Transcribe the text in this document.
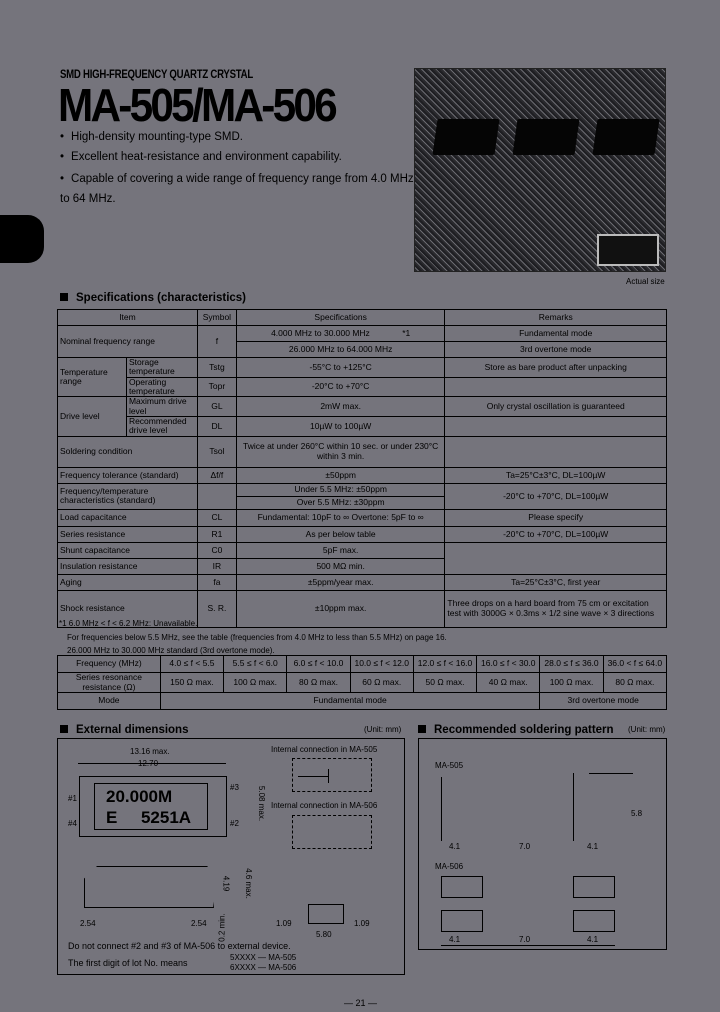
SMD HIGH-FREQUENCY QUARTZ CRYSTAL
MA-505/MA-506
• High-density mounting-type SMD.
• Excellent heat-resistance and environment capability.
• Capable of covering a wide range of frequency range from 4.0 MHz to 64 MHz.
Actual size
Specifications (characteristics)
Item		Symbol	Specifications	Remarks
Nominal frequency range		f	4.000 MHz to 30.000 MHz *1	Fundamental mode
			26.000 MHz to 64.000 MHz	3rd overtone mode
Temperature range	Storage temperature	Tstg	-55°C to +125°C	Store as bare product after unpacking
	Operating temperature	Topr	-20°C to +70°C	
Drive level	Maximum drive level	GL	2mW max.	Only crystal oscillation is guaranteed
	Recommended drive level	DL	10µW to 100µW	
Soldering condition		Tsol	Twice at under 260°C within 10 sec. or under 230°C within 3 min.	
Frequency tolerance (standard)		Δf/f	±50ppm	Ta=25°C±3°C, DL=100µW
Frequency/temperature characteristics (standard)			Under 5.5 MHz: ±50ppm	-20°C to +70°C, DL=100µW
			Over 5.5 MHz: ±30ppm	
Load capacitance		CL	Fundamental: 10pF to ∞ Overtone: 5pF to ∞	Please specify
Series resistance		R1	As per below table	-20°C to +70°C, DL=100µW
Shunt capacitance		C0	5pF max.	
Insulation resistance		IR	500 MΩ min.	
Aging		fa	±5ppm/year max.	Ta=25°C±3°C, first year
Shock resistance		S. R.	±10ppm max.	Three drops on a hard board from 75 cm or excitation test with 3000G × 0.3ms × 1/2 sine wave × 3 directions
*1 6.0 MHz < f < 6.2 MHz: Unavailable.
For frequencies below 5.5 MHz, see the table (frequencies from 4.0 MHz to less than 5.5 MHz) on page 16.
26.000 MHz to 30.000 MHz standard (3rd overtone mode).
Frequency (MHz)	4.0 ≤ f < 5.5	5.5 ≤ f < 6.0	6.0 ≤ f < 10.0	10.0 ≤ f < 12.0	12.0 ≤ f < 16.0	16.0 ≤ f < 30.0	28.0 ≤ f ≤ 36.0	36.0 < f ≤ 64.0
Series resonance resistance (Ω)	150 Ω max.	100 Ω max.	80 Ω max.	60 Ω max.	50 Ω max.	40 Ω max.	100 Ω max.	80 Ω max.
Mode	Fundamental mode						3rd overtone mode	
External dimensions	(Unit: mm)
13.16 max.
20.000M
E     5251A
#1
#4
#3
#2
5.08 max.
Internal connection in MA-505
Internal connection in MA-506
4.19 4.6 max.
2.54	2.54 0.2 min.	1.09	1.09
5.80
Do not connect #2 and #3 of MA-506 to external device.
The first digit of lot No. means
5XXXX — MA-505
6XXXX — MA-506
Recommended soldering pattern (Unit: mm)
MA-505
4.1	7.0	4.1
5.8
MA-506
4.1	7.0	4.1
— 21 —
